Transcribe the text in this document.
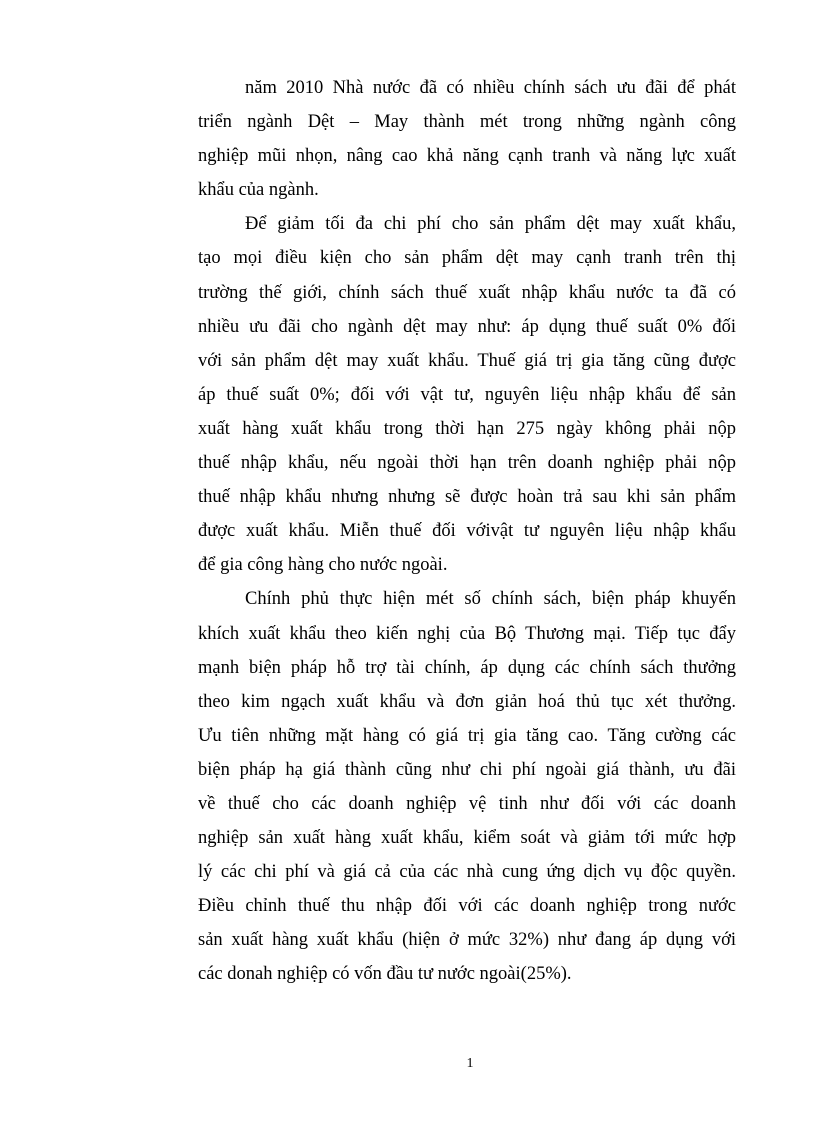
năm 2010 Nhà nước đã có nhiều chính sách ưu đãi để phát
triển ngành Dệt – May thành mét trong những ngành công
nghiệp mũi nhọn, nâng cao khả năng cạnh tranh và năng lực xuất
khẩu của ngành.
Để giảm tối đa chi phí cho sản phẩm dệt may xuất khẩu,
tạo mọi điều kiện cho sản phẩm dệt may cạnh tranh trên thị
trường thế giới, chính sách thuế xuất nhập khẩu nước ta đã có
nhiều ưu đãi cho ngành dệt may như: áp dụng thuế suất 0% đối
với sản phẩm dệt may xuất khẩu. Thuế giá trị gia tăng cũng được
áp thuế suất 0%; đối với vật tư, nguyên liệu nhập khẩu để sản
xuất hàng xuất khẩu trong thời hạn 275 ngày không phải nộp
thuế nhập khẩu, nếu ngoài thời hạn trên doanh nghiệp phải nộp
thuế nhập khẩu nhưng nhưng sẽ được hoàn trả sau khi sản phẩm
được xuất khẩu. Miễn thuế đối vớivật tư nguyên liệu nhập khẩu
để gia công hàng cho nước ngoài.
Chính phủ thực hiện mét số chính sách, biện pháp khuyến
khích xuất khẩu theo kiến nghị của Bộ Thương mại. Tiếp tục đẩy
mạnh biện pháp hỗ trợ tài chính, áp dụng các chính sách thưởng
theo kim ngạch xuất khẩu và đơn giản hoá thủ tục xét thưởng.
Ưu tiên những mặt hàng có giá trị gia tăng cao. Tăng cường các
biện pháp hạ giá thành cũng như chi phí ngoài giá thành, ưu đãi
về thuế cho các doanh nghiệp vệ tinh như đối với các doanh
nghiệp sản xuất hàng xuất khẩu, kiểm soát và giảm tới mức hợp
lý các chi phí và giá cả của các nhà cung ứng dịch vụ độc quyền.
Điều chỉnh thuế thu nhập đối với các doanh nghiệp trong nước
sản xuất hàng xuất khẩu (hiện ở mức 32%) như đang áp dụng với
các donah nghiệp có vốn đầu tư nước ngoài(25%).
1
